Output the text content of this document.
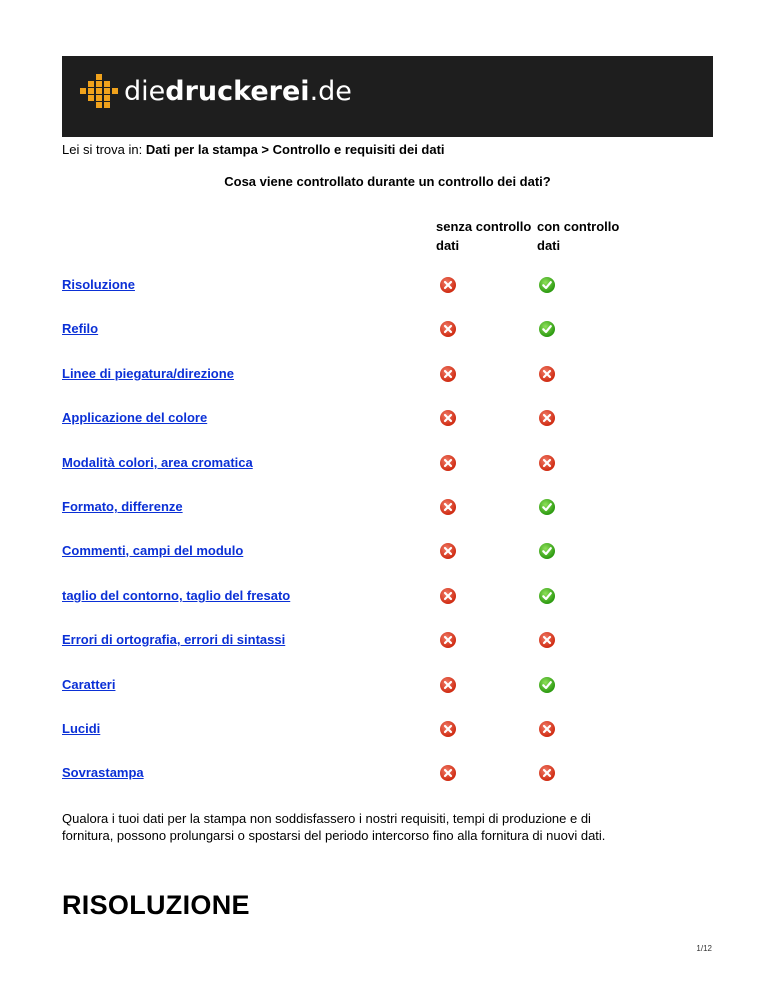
diedruckerei.de
Lei si trova in: Dati per la stampa > Controllo e requisiti dei dati
Cosa viene controllato durante un controllo dei dati?
senza controllo dati
con controllo dati
Risoluzione
Refilo
Linee di piegatura/direzione
Applicazione del colore
Modalità colori, area cromatica
Formato, differenze
Commenti, campi del modulo
taglio del contorno, taglio del fresato
Errori di ortografia, errori di sintassi
Caratteri
Lucidi
Sovrastampa
Qualora i tuoi dati per la stampa non soddisfassero i nostri requisiti, tempi di produzione e di fornitura, possono prolungarsi o spostarsi del periodo intercorso fino alla fornitura di nuovi dati.
RISOLUZIONE
1/12
